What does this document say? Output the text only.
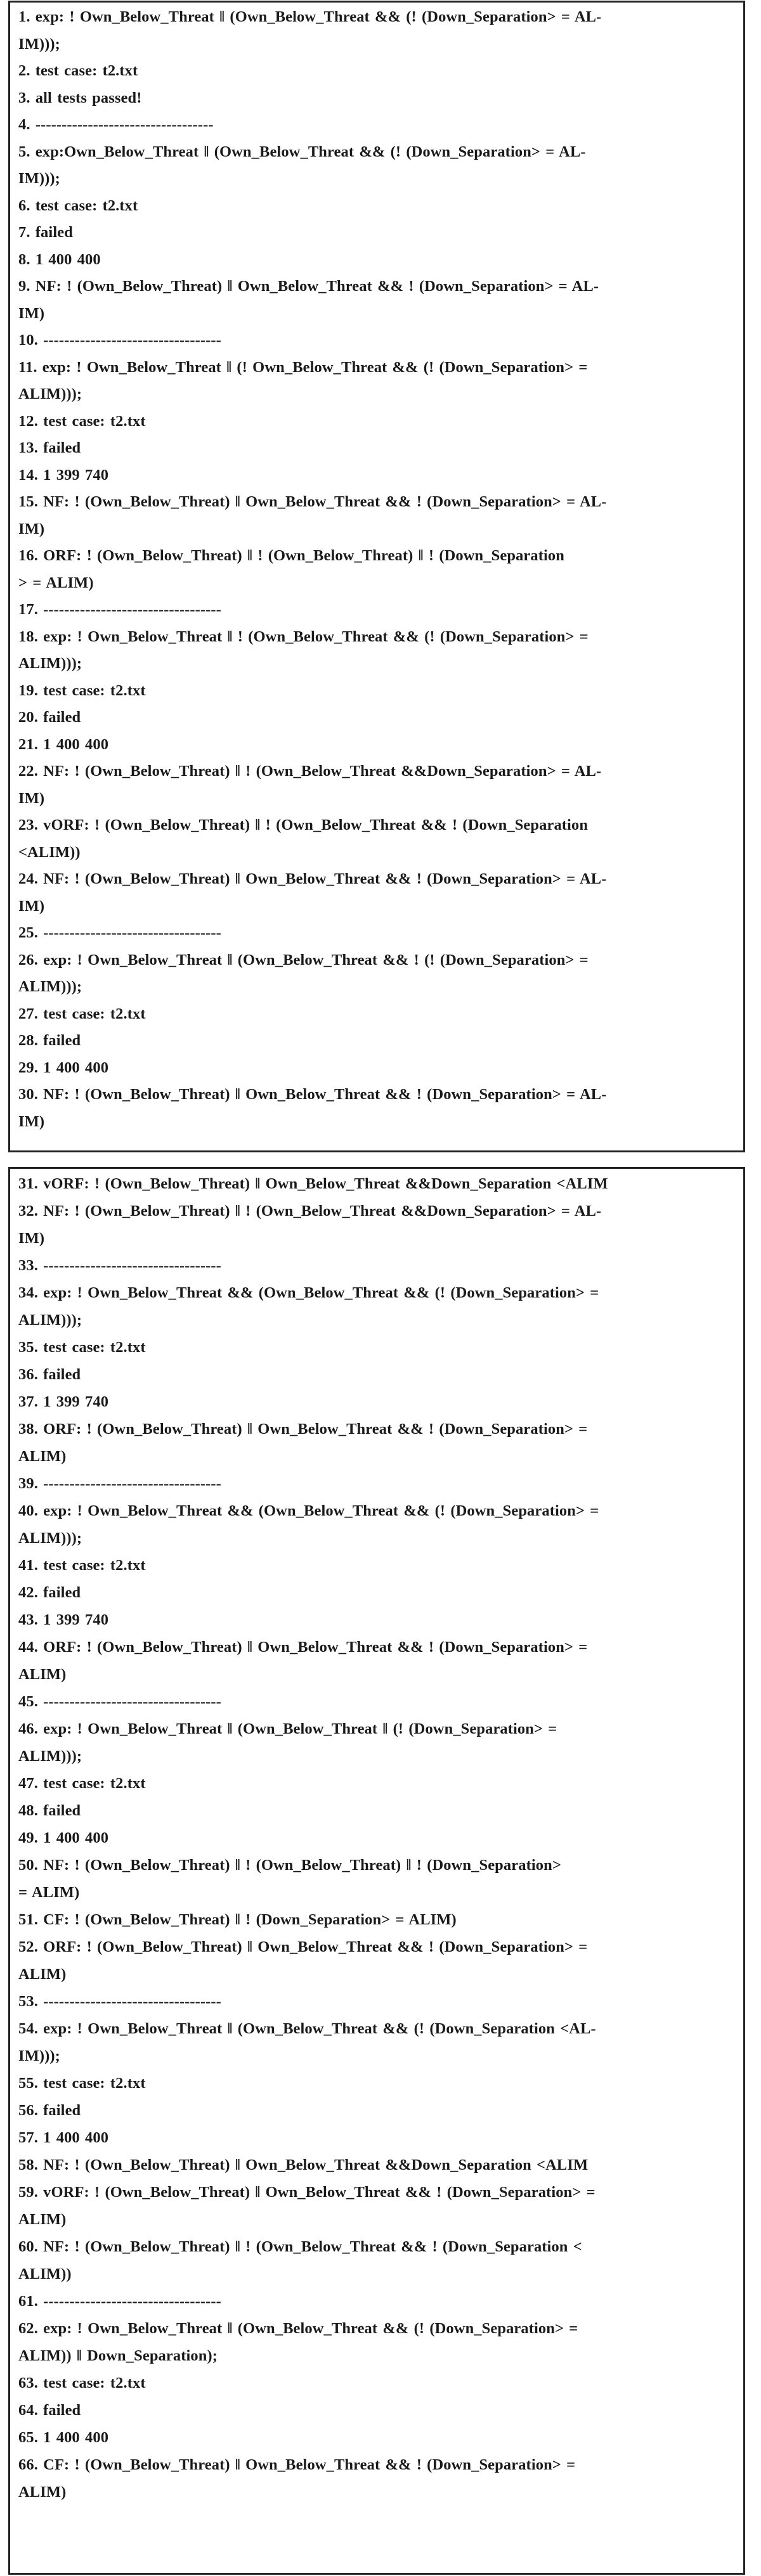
1. exp: ! Own_Below_Threat ‖ (Own_Below_Threat && (! (Down_Separation> = AL-
IM)));
2. test case: t2.txt
3. all tests passed!
4. ----------------------------------
5. exp:Own_Below_Threat ‖ (Own_Below_Threat && (! (Down_Separation> = AL-
IM)));
6. test case: t2.txt
7. failed
8. 1 400 400
9. NF: ! (Own_Below_Threat) ‖ Own_Below_Threat && ! (Down_Separation> = AL-
IM)
10. ----------------------------------
11. exp: ! Own_Below_Threat ‖ (! Own_Below_Threat && (! (Down_Separation> =
ALIM)));
12. test case: t2.txt
13. failed
14. 1 399 740
15. NF: ! (Own_Below_Threat) ‖ Own_Below_Threat && ! (Down_Separation> = AL-
IM)
16. ORF: ! (Own_Below_Threat) ‖ ! (Own_Below_Threat) ‖ ! (Down_Separation
> = ALIM)
17. ----------------------------------
18. exp: ! Own_Below_Threat ‖ ! (Own_Below_Threat && (! (Down_Separation> =
ALIM)));
19. test case: t2.txt
20. failed
21. 1 400 400
22. NF: ! (Own_Below_Threat) ‖ ! (Own_Below_Threat &&Down_Separation> = AL-
IM)
23. vORF: ! (Own_Below_Threat) ‖ ! (Own_Below_Threat && ! (Down_Separation
<ALIM))
24. NF: ! (Own_Below_Threat) ‖ Own_Below_Threat && ! (Down_Separation> = AL-
IM)
25. ----------------------------------
26. exp: ! Own_Below_Threat ‖ (Own_Below_Threat && ! (! (Down_Separation> =
ALIM)));
27. test case: t2.txt
28. failed
29. 1 400 400
30. NF: ! (Own_Below_Threat) ‖ Own_Below_Threat && ! (Down_Separation> = AL-
IM)
31. vORF: ! (Own_Below_Threat) ‖ Own_Below_Threat &&Down_Separation <ALIM
32. NF: ! (Own_Below_Threat) ‖ ! (Own_Below_Threat &&Down_Separation> = AL-
IM)
33. ----------------------------------
34. exp: ! Own_Below_Threat && (Own_Below_Threat && (! (Down_Separation> =
ALIM)));
35. test case: t2.txt
36. failed
37. 1 399 740
38. ORF: ! (Own_Below_Threat) ‖ Own_Below_Threat && ! (Down_Separation> =
ALIM)
39. ----------------------------------
40. exp: ! Own_Below_Threat && (Own_Below_Threat && (! (Down_Separation> =
ALIM)));
41. test case: t2.txt
42. failed
43. 1 399 740
44. ORF: ! (Own_Below_Threat) ‖ Own_Below_Threat && ! (Down_Separation> =
ALIM)
45. ----------------------------------
46. exp: ! Own_Below_Threat ‖ (Own_Below_Threat ‖ (! (Down_Separation> =
ALIM)));
47. test case: t2.txt
48. failed
49. 1 400 400
50. NF: ! (Own_Below_Threat) ‖ ! (Own_Below_Threat) ‖ ! (Down_Separation>
= ALIM)
51. CF: ! (Own_Below_Threat) ‖ ! (Down_Separation> = ALIM)
52. ORF: ! (Own_Below_Threat) ‖ Own_Below_Threat && ! (Down_Separation> =
ALIM)
53. ----------------------------------
54. exp: ! Own_Below_Threat ‖ (Own_Below_Threat && (! (Down_Separation <AL-
IM)));
55. test case: t2.txt
56. failed
57. 1 400 400
58. NF: ! (Own_Below_Threat) ‖ Own_Below_Threat &&Down_Separation <ALIM
59. vORF: ! (Own_Below_Threat) ‖ Own_Below_Threat && ! (Down_Separation> =
ALIM)
60. NF: ! (Own_Below_Threat) ‖ ! (Own_Below_Threat && ! (Down_Separation <
ALIM))
61. ----------------------------------
62. exp: ! Own_Below_Threat ‖ (Own_Below_Threat && (! (Down_Separation> =
ALIM)) ‖ Down_Separation);
63. test case: t2.txt
64. failed
65. 1 400 400
66. CF: ! (Own_Below_Threat) ‖ Own_Below_Threat && ! (Down_Separation> =
ALIM)
